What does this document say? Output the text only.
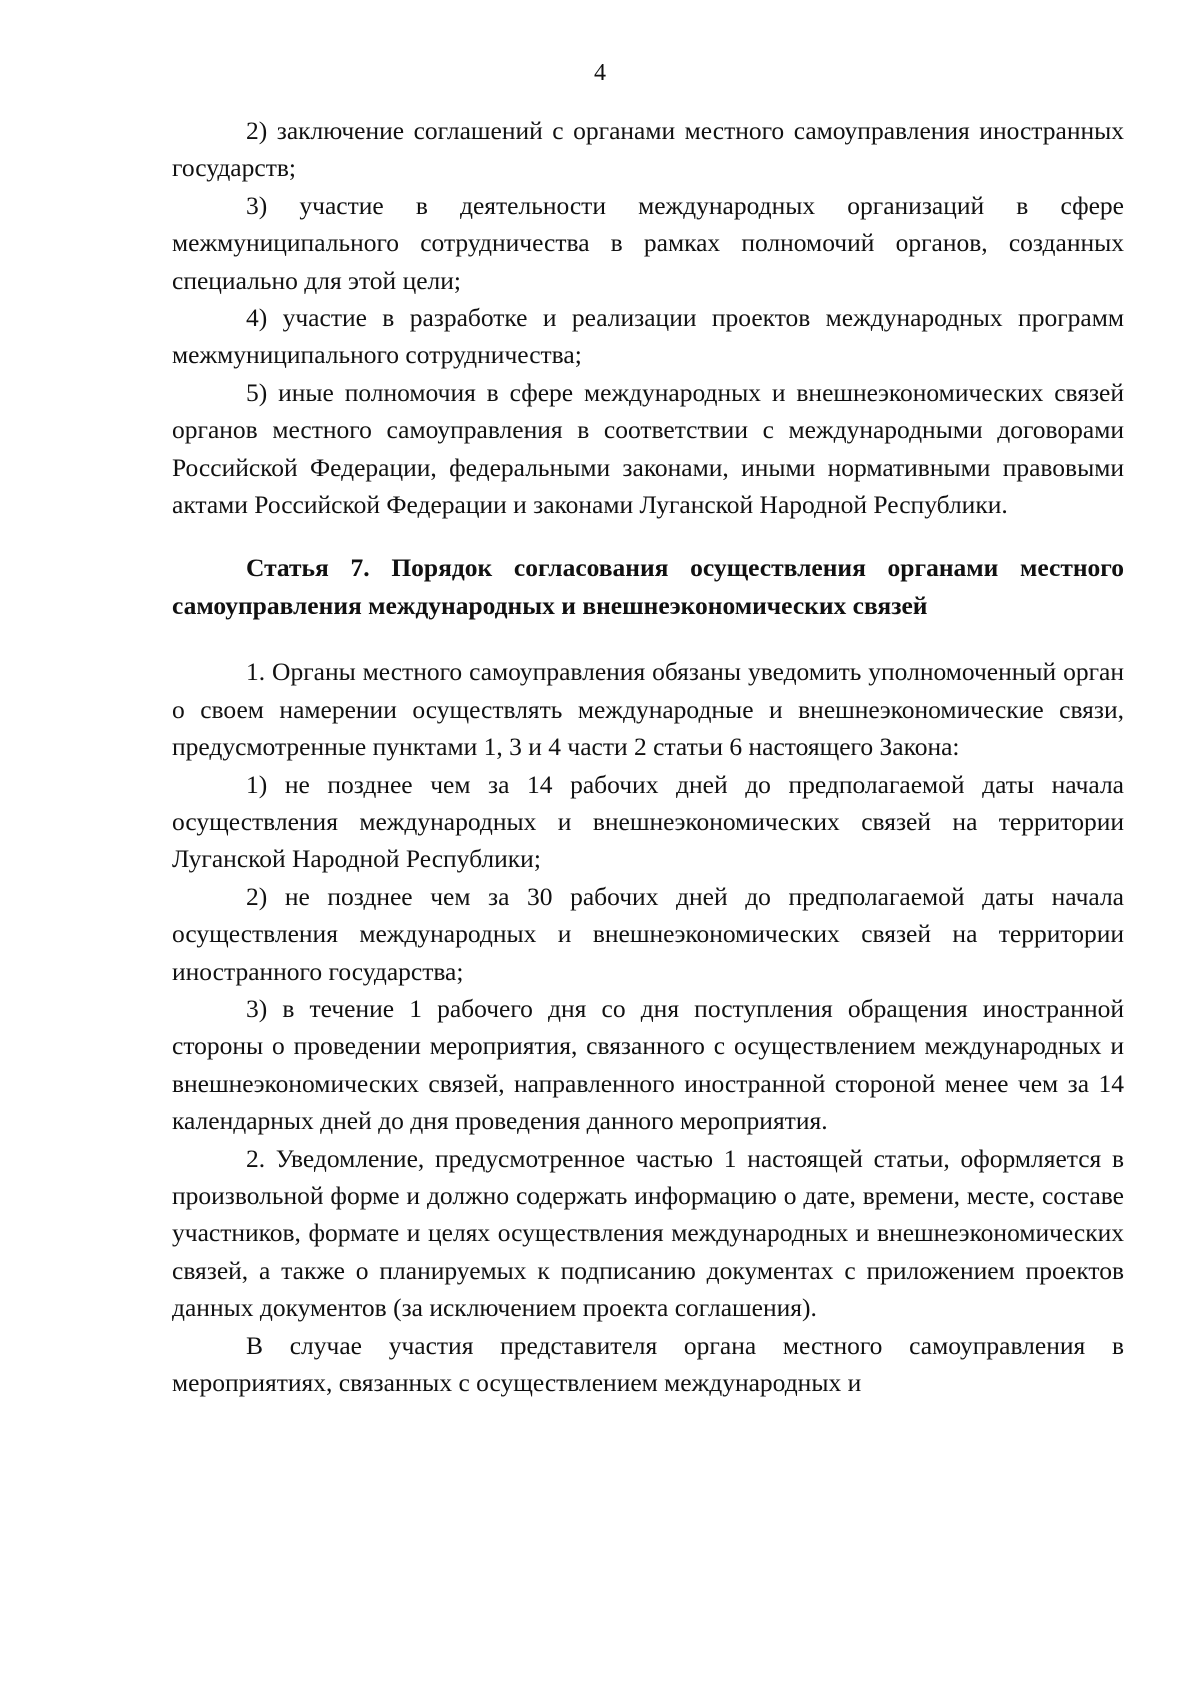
4

2) заключение соглашений с органами местного самоуправления иностранных государств;

3) участие в деятельности международных организаций в сфере межмуниципального сотрудничества в рамках полномочий органов, созданных специально для этой цели;

4) участие в разработке и реализации проектов международных программ межмуниципального сотрудничества;

5) иные полномочия в сфере международных и внешнеэкономических связей органов местного самоуправления в соответствии с международными договорами Российской Федерации, федеральными законами, иными нормативными правовыми актами Российской Федерации и законами Луганской Народной Республики.

Статья 7. Порядок согласования осуществления органами местного самоуправления международных и внешнеэкономических связей

1. Органы местного самоуправления обязаны уведомить уполномоченный орган о своем намерении осуществлять международные и внешнеэкономические связи, предусмотренные пунктами 1, 3 и 4 части 2 статьи 6 настоящего Закона:

1) не позднее чем за 14 рабочих дней до предполагаемой даты начала осуществления международных и внешнеэкономических связей на территории Луганской Народной Республики;

2) не позднее чем за 30 рабочих дней до предполагаемой даты начала осуществления международных и внешнеэкономических связей на территории иностранного государства;

3) в течение 1 рабочего дня со дня поступления обращения иностранной стороны о проведении мероприятия, связанного с осуществлением международных и внешнеэкономических связей, направленного иностранной стороной менее чем за 14 календарных дней до дня проведения данного мероприятия.

2. Уведомление, предусмотренное частью 1 настоящей статьи, оформляется в произвольной форме и должно содержать информацию о дате, времени, месте, составе участников, формате и целях осуществления международных и внешнеэкономических связей, а также о планируемых к подписанию документах с приложением проектов данных документов (за исключением проекта соглашения).

В случае участия представителя органа местного самоуправления в мероприятиях, связанных с осуществлением международных и
